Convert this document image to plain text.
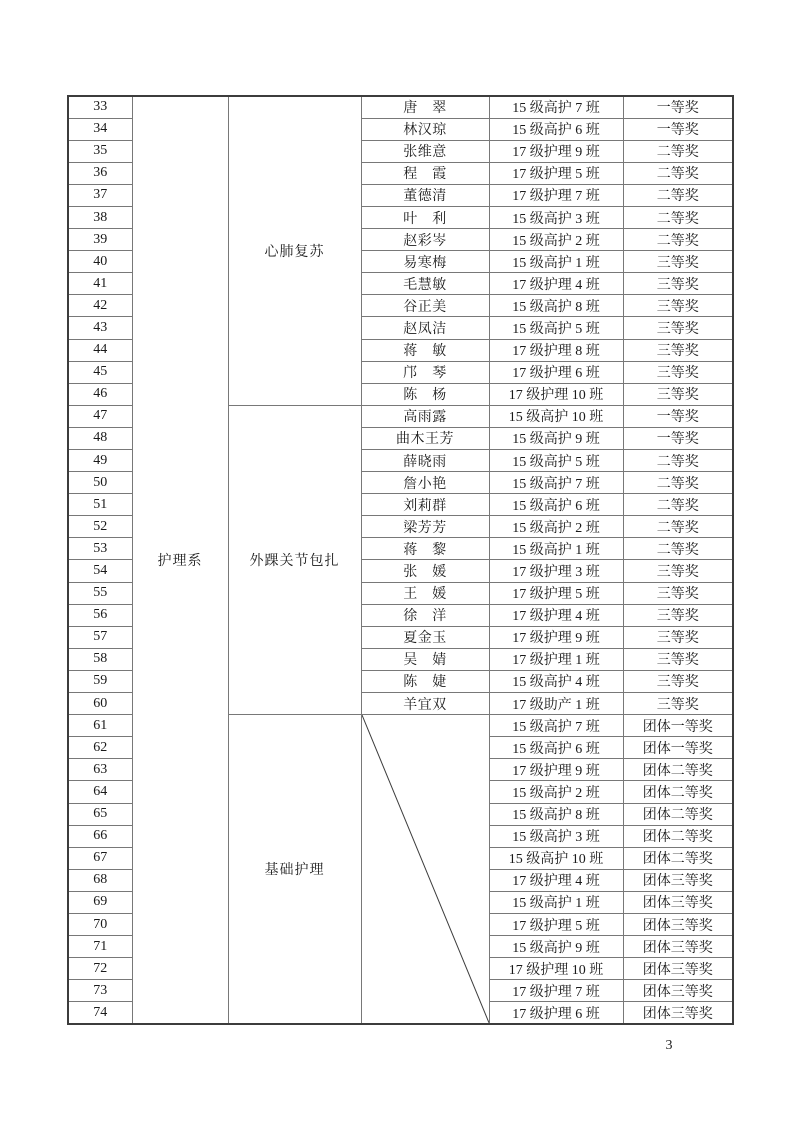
33	护理系	心肺复苏	唐　翠	15 级高护 7 班	一等奖
34			林汉琼	15 级高护 6 班	一等奖
35			张维意	17 级护理 9 班	二等奖
36			程　霞	17 级护理 5 班	二等奖
37			董德清	17 级护理 7 班	二等奖
38			叶　利	15 级高护 3 班	二等奖
39			赵彩岑	15 级高护 2 班	二等奖
40			易寒梅	15 级高护 1 班	三等奖
41			毛慧敏	17 级护理 4 班	三等奖
42			谷正美	15 级高护 8 班	三等奖
43			赵凤洁	15 级高护 5 班	三等奖
44			蒋　敏	17 级护理 8 班	三等奖
45			邝　琴	17 级护理 6 班	三等奖
46			陈　杨	17 级护理 10 班	三等奖
47		外踝关节包扎	高雨露	15 级高护 10 班	一等奖
48			曲木王芳	15 级高护 9 班	一等奖
49			薛晓雨	15 级高护 5 班	二等奖
50			詹小艳	15 级高护 7 班	二等奖
51			刘莉群	15 级高护 6 班	二等奖
52			梁芳芳	15 级高护 2 班	二等奖
53			蒋　黎	15 级高护 1 班	二等奖
54			张　媛	17 级护理 3 班	三等奖
55			王　媛	17 级护理 5 班	三等奖
56			徐　洋	17 级护理 4 班	三等奖
57			夏金玉	17 级护理 9 班	三等奖
58			吴　婧	17 级护理 1 班	三等奖
59			陈　婕	15 级高护 4 班	三等奖
60			羊宜双	17 级助产 1 班	三等奖
61		基础护理		15 级高护 7 班	团体一等奖
62				15 级高护 6 班	团体一等奖
63				17 级护理 9 班	团体二等奖
64				15 级高护 2 班	团体二等奖
65				15 级高护 8 班	团体二等奖
66				15 级高护 3 班	团体二等奖
67				15 级高护 10 班	团体二等奖
68				17 级护理 4 班	团体三等奖
69				15 级高护 1 班	团体三等奖
70				17 级护理 5 班	团体三等奖
71				15 级高护 9 班	团体三等奖
72				17 级护理 10 班	团体三等奖
73				17 级护理 7 班	团体三等奖
74				17 级护理 6 班	团体三等奖
3
